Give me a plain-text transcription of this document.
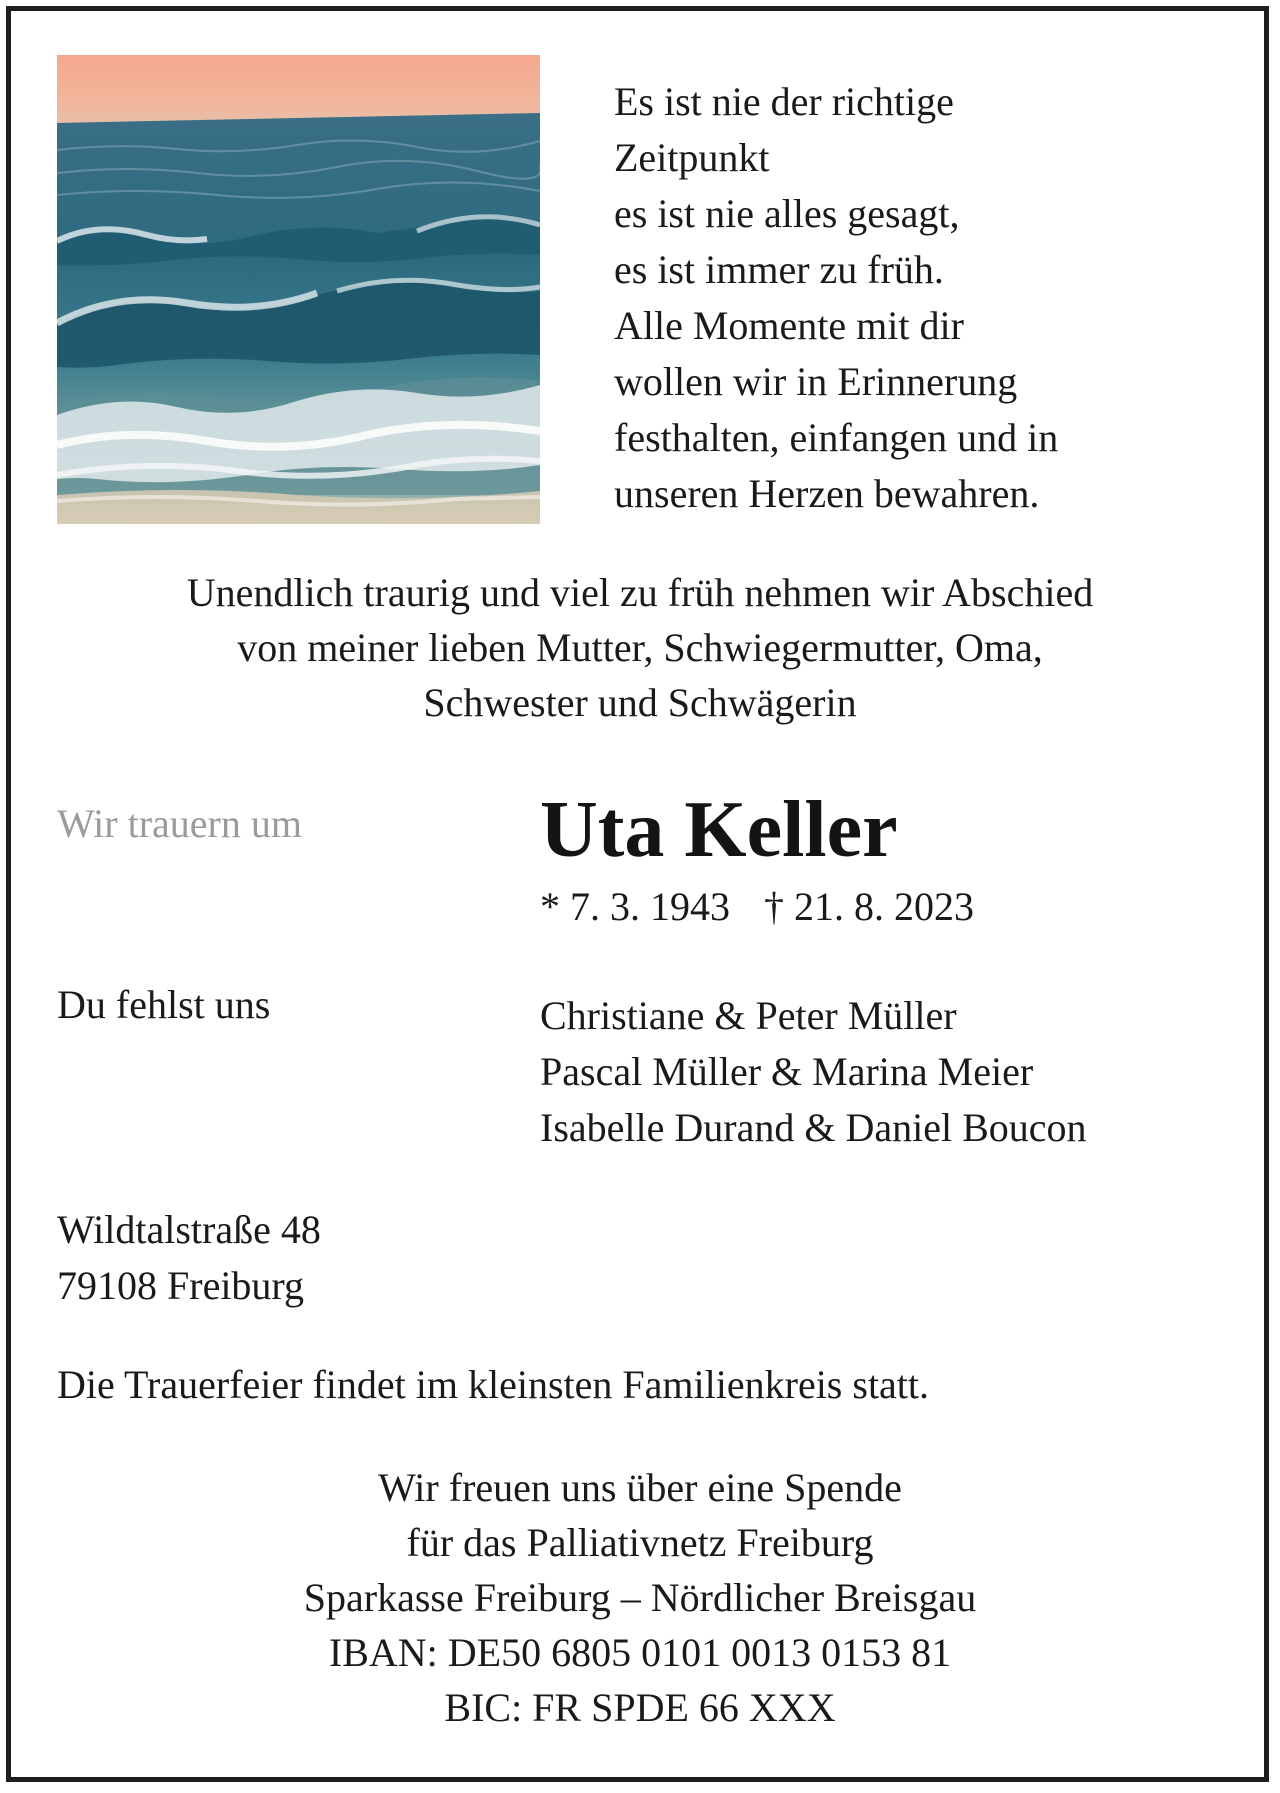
Es ist nie der richtige
Zeitpunkt
es ist nie alles gesagt,
es ist immer zu früh.
Alle Momente mit dir
wollen wir in Erinnerung
festhalten, einfangen und in
unseren Herzen bewahren.
Unendlich traurig und viel zu früh nehmen wir Abschied
von meiner lieben Mutter, Schwiegermutter, Oma,
Schwester und Schwägerin
Wir trauern um	Uta Keller
* 7. 3. 1943 † 21. 8. 2023
Du fehlst uns	Christiane & Peter Müller
Pascal Müller & Marina Meier
Isabelle Durand & Daniel Boucon
Wildtalstraße 48
79108 Freiburg
Die Trauerfeier findet im kleinsten Familienkreis statt.
Wir freuen uns über eine Spende
für das Palliativnetz Freiburg
Sparkasse Freiburg – Nördlicher Breisgau
IBAN: DE50 6805 0101 0013 0153 81
BIC: FR SPDE 66 XXX
